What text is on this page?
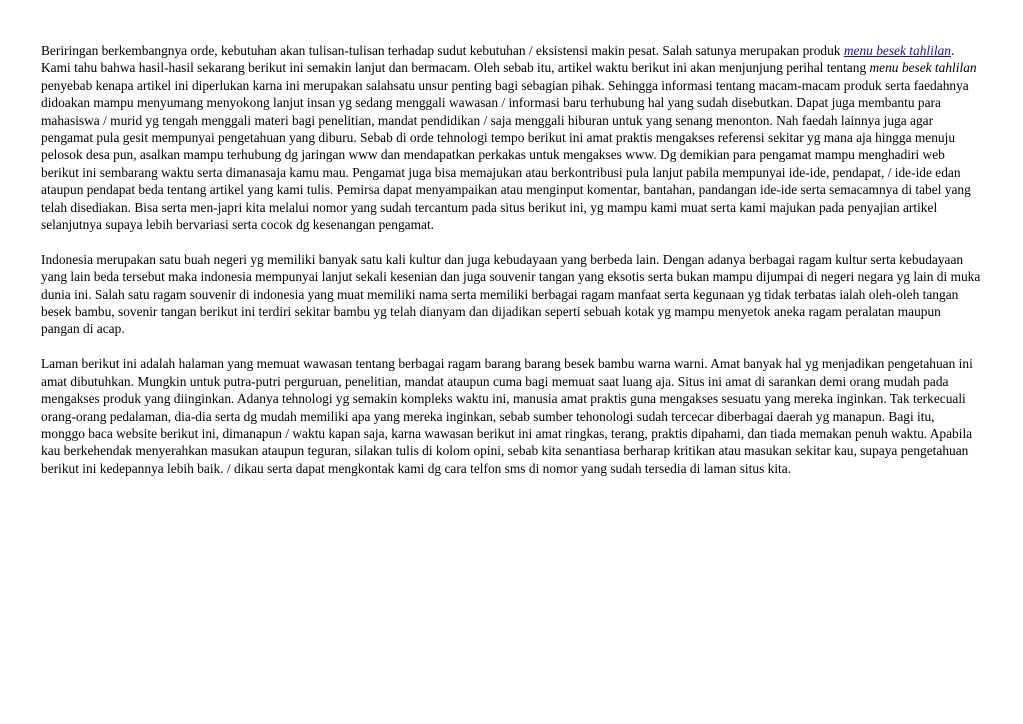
Beriringan berkembangnya orde, kebutuhan akan tulisan-tulisan terhadap sudut kebutuhan / eksistensi makin pesat. Salah satunya merupakan produk menu besek tahlilan. Kami tahu bahwa hasil-hasil sekarang berikut ini semakin lanjut dan bermacam. Oleh sebab itu, artikel waktu berikut ini akan menjunjung perihal tentang menu besek tahlilan penyebab kenapa artikel ini diperlukan karna ini merupakan salahsatu unsur penting bagi sebagian pihak. Sehingga informasi tentang macam-macam produk serta faedahnya didoakan mampu menyumang menyokong lanjut insan yg sedang menggali wawasan / informasi baru terhubung hal yang sudah disebutkan. Dapat juga membantu para mahasiswa / murid yg tengah menggali materi bagi penelitian, mandat pendidikan / saja menggali hiburan untuk yang senang menonton. Nah faedah lainnya juga agar pengamat pula gesit mempunyai pengetahuan yang diburu. Sebab di orde tehnologi tempo berikut ini amat praktis mengakses referensi sekitar yg mana aja hingga menuju pelosok desa pun, asalkan mampu terhubung dg jaringan www dan mendapatkan perkakas untuk mengakses www. Dg demikian para pengamat mampu menghadiri web berikut ini sembarang waktu serta dimanasaja kamu mau. Pengamat juga bisa memajukan atau berkontribusi pula lanjut pabila mempunyai ide-ide, pendapat, / ide-ide edan ataupun pendapat beda tentang artikel yang kami tulis. Pemirsa dapat menyampaikan atau menginput komentar, bantahan, pandangan ide-ide serta semacamnya di tabel yang telah disediakan. Bisa serta men-japri kita melalui nomor yang sudah tercantum pada situs berikut ini, yg mampu kami muat serta kami majukan pada penyajian artikel selanjutnya supaya lebih bervariasi serta cocok dg kesenangan pengamat.

Indonesia merupakan satu buah negeri yg memiliki banyak satu kali kultur dan juga kebudayaan yang berbeda lain. Dengan adanya berbagai ragam kultur serta kebudayaan yang lain beda tersebut maka indonesia mempunyai lanjut sekali kesenian dan juga souvenir tangan yang eksotis serta bukan mampu dijumpai di negeri negara yg lain di muka dunia ini. Salah satu ragam souvenir di indonesia yang muat memiliki nama serta memiliki berbagai ragam manfaat serta kegunaan yg tidak terbatas ialah oleh-oleh tangan besek bambu, sovenir tangan berikut ini terdiri sekitar bambu yg telah dianyam dan dijadikan seperti sebuah kotak yg mampu menyetok aneka ragam peralatan maupun pangan di acap.

Laman berikut ini adalah halaman yang memuat wawasan tentang berbagai ragam barang barang besek bambu warna warni. Amat banyak hal yg menjadikan pengetahuan ini amat dibutuhkan. Mungkin untuk putra-putri perguruan, penelitian, mandat ataupun cuma bagi memuat saat luang aja. Situs ini amat di sarankan demi orang mudah pada mengakses produk yang diinginkan. Adanya tehnologi yg semakin kompleks waktu ini, manusia amat praktis guna mengakses sesuatu yang mereka inginkan. Tak terkecuali orang-orang pedalaman, dia-dia serta dg mudah memiliki apa yang mereka inginkan, sebab sumber tehonologi sudah tercecar diberbagai daerah yg manapun. Bagi itu, monggo baca website berikut ini, dimanapun / waktu kapan saja, karna wawasan berikut ini amat ringkas, terang, praktis dipahami, dan tiada memakan penuh waktu. Apabila kau berkehendak menyerahkan masukan ataupun teguran, silakan tulis di kolom opini, sebab kita senantiasa berharap kritikan atau masukan sekitar kau, supaya pengetahuan berikut ini kedepannya lebih baik. / dikau serta dapat mengkontak kami dg cara telfon sms di nomor yang sudah tersedia di laman situs kita.
